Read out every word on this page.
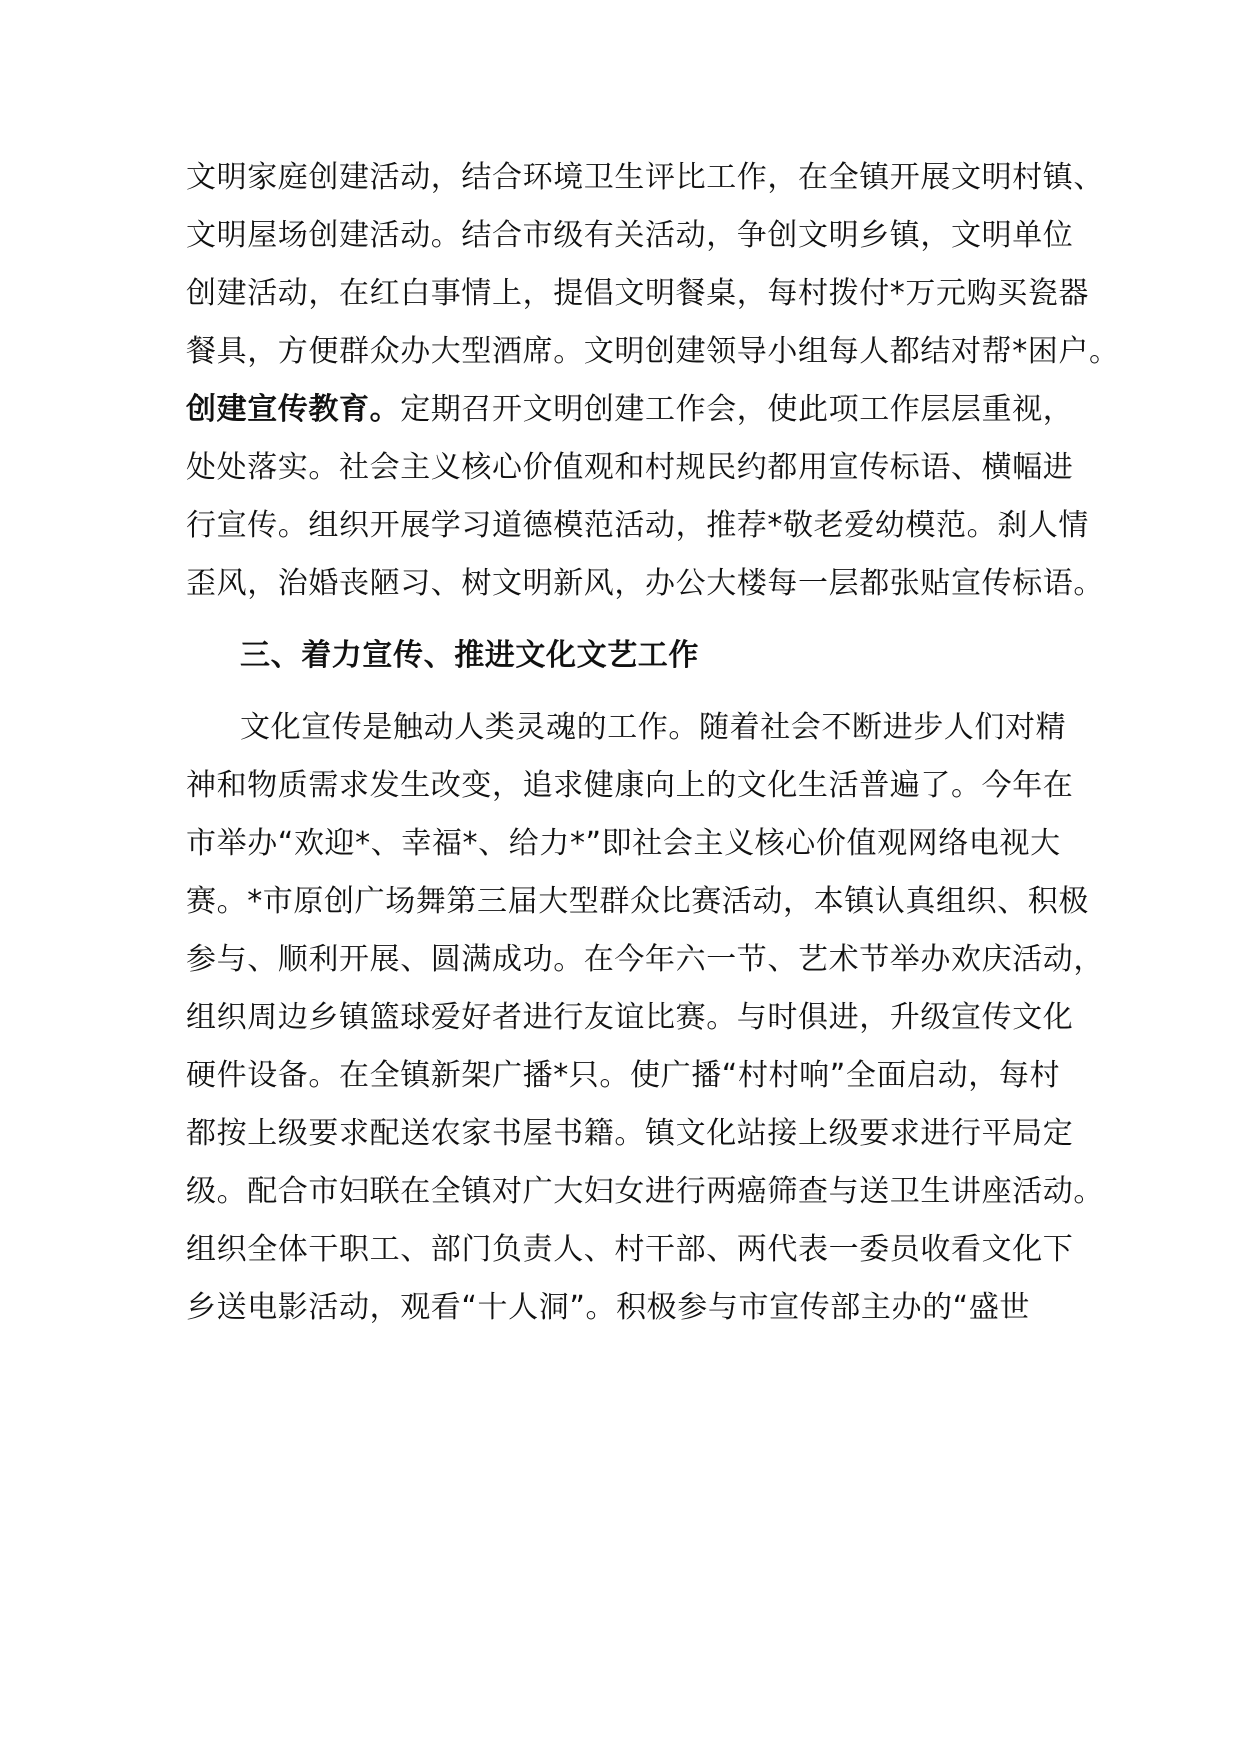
文明家庭创建活动，结合环境卫生评比工作，在全镇开展文明村镇、
文明屋场创建活动。结合市级有关活动，争创文明乡镇，文明单位
创建活动，在红白事情上，提倡文明餐桌，每村拨付*万元购买瓷器
餐具，方便群众办大型酒席。文明创建领导小组每人都结对帮*困户。
创建宣传教育。定期召开文明创建工作会，使此项工作层层重视，
处处落实。社会主义核心价值观和村规民约都用宣传标语、横幅进
行宣传。组织开展学习道德模范活动，推荐*敬老爱幼模范。刹人情
歪风，治婚丧陋习、树文明新风，办公大楼每一层都张贴宣传标语。
三、着力宣传、推进文化文艺工作
文化宣传是触动人类灵魂的工作。随着社会不断进步人们对精
神和物质需求发生改变，追求健康向上的文化生活普遍了。今年在
市举办“欢迎*、幸福*、给力*”即社会主义核心价值观网络电视大
赛。*市原创广场舞第三届大型群众比赛活动，本镇认真组织、积极
参与、顺利开展、圆满成功。在今年六一节、艺术节举办欢庆活动，
组织周边乡镇篮球爱好者进行友谊比赛。与时俱进，升级宣传文化
硬件设备。在全镇新架广播*只。使广播“村村响”全面启动，每村
都按上级要求配送农家书屋书籍。镇文化站接上级要求进行平局定
级。配合市妇联在全镇对广大妇女进行两癌筛查与送卫生讲座活动。
组织全体干职工、部门负责人、村干部、两代表一委员收看文化下
乡送电影活动，观看“十人洞”。积极参与市宣传部主办的“盛世
